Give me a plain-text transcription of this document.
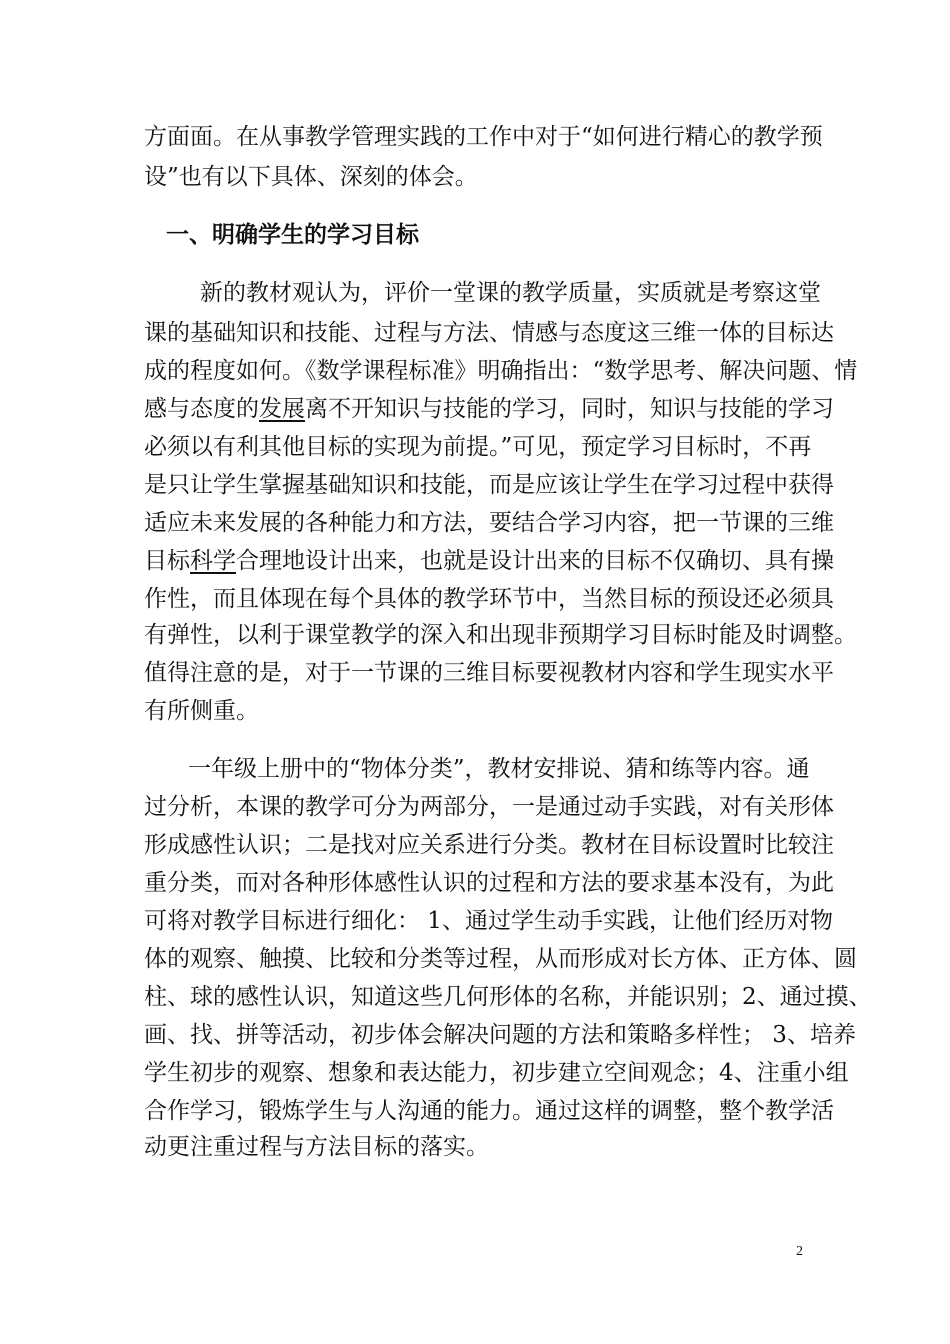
方面面。在从事教学管理实践的工作中对于“如何进行精心的教学预
设”也有以下具体、深刻的体会。
一、明确学生的学习目标
新的教材观认为，评价一堂课的教学质量，实质就是考察这堂
课的基础知识和技能、过程与方法、情感与态度这三维一体的目标达
成的程度如何。《数学课程标准》明确指出：“数学思考、解决问题、情
感与态度的发展离不开知识与技能的学习，同时，知识与技能的学习
必须以有利其他目标的实现为前提。”可见，预定学习目标时，不再
是只让学生掌握基础知识和技能，而是应该让学生在学习过程中获得
适应未来发展的各种能力和方法，要结合学习内容，把一节课的三维
目标科学合理地设计出来，也就是设计出来的目标不仅确切、具有操
作性，而且体现在每个具体的教学环节中，当然目标的预设还必须具
有弹性，以利于课堂教学的深入和出现非预期学习目标时能及时调整。
值得注意的是，对于一节课的三维目标要视教材内容和学生现实水平
有所侧重。
一年级上册中的“物体分类”，教材安排说、猜和练等内容。通
过分析，本课的教学可分为两部分，一是通过动手实践，对有关形体
形成感性认识；二是找对应关系进行分类。教材在目标设置时比较注
重分类，而对各种形体感性认识的过程和方法的要求基本没有，为此
可将对教学目标进行细化： 1、通过学生动手实践，让他们经历对物
体的观察、触摸、比较和分类等过程，从而形成对长方体、正方体、圆
柱、球的感性认识，知道这些几何形体的名称，并能识别；2、通过摸、
画、找、拼等活动，初步体会解决问题的方法和策略多样性； 3、培养
学生初步的观察、想象和表达能力，初步建立空间观念；4、注重小组
合作学习，锻炼学生与人沟通的能力。通过这样的调整，整个教学活
动更注重过程与方法目标的落实。
2
